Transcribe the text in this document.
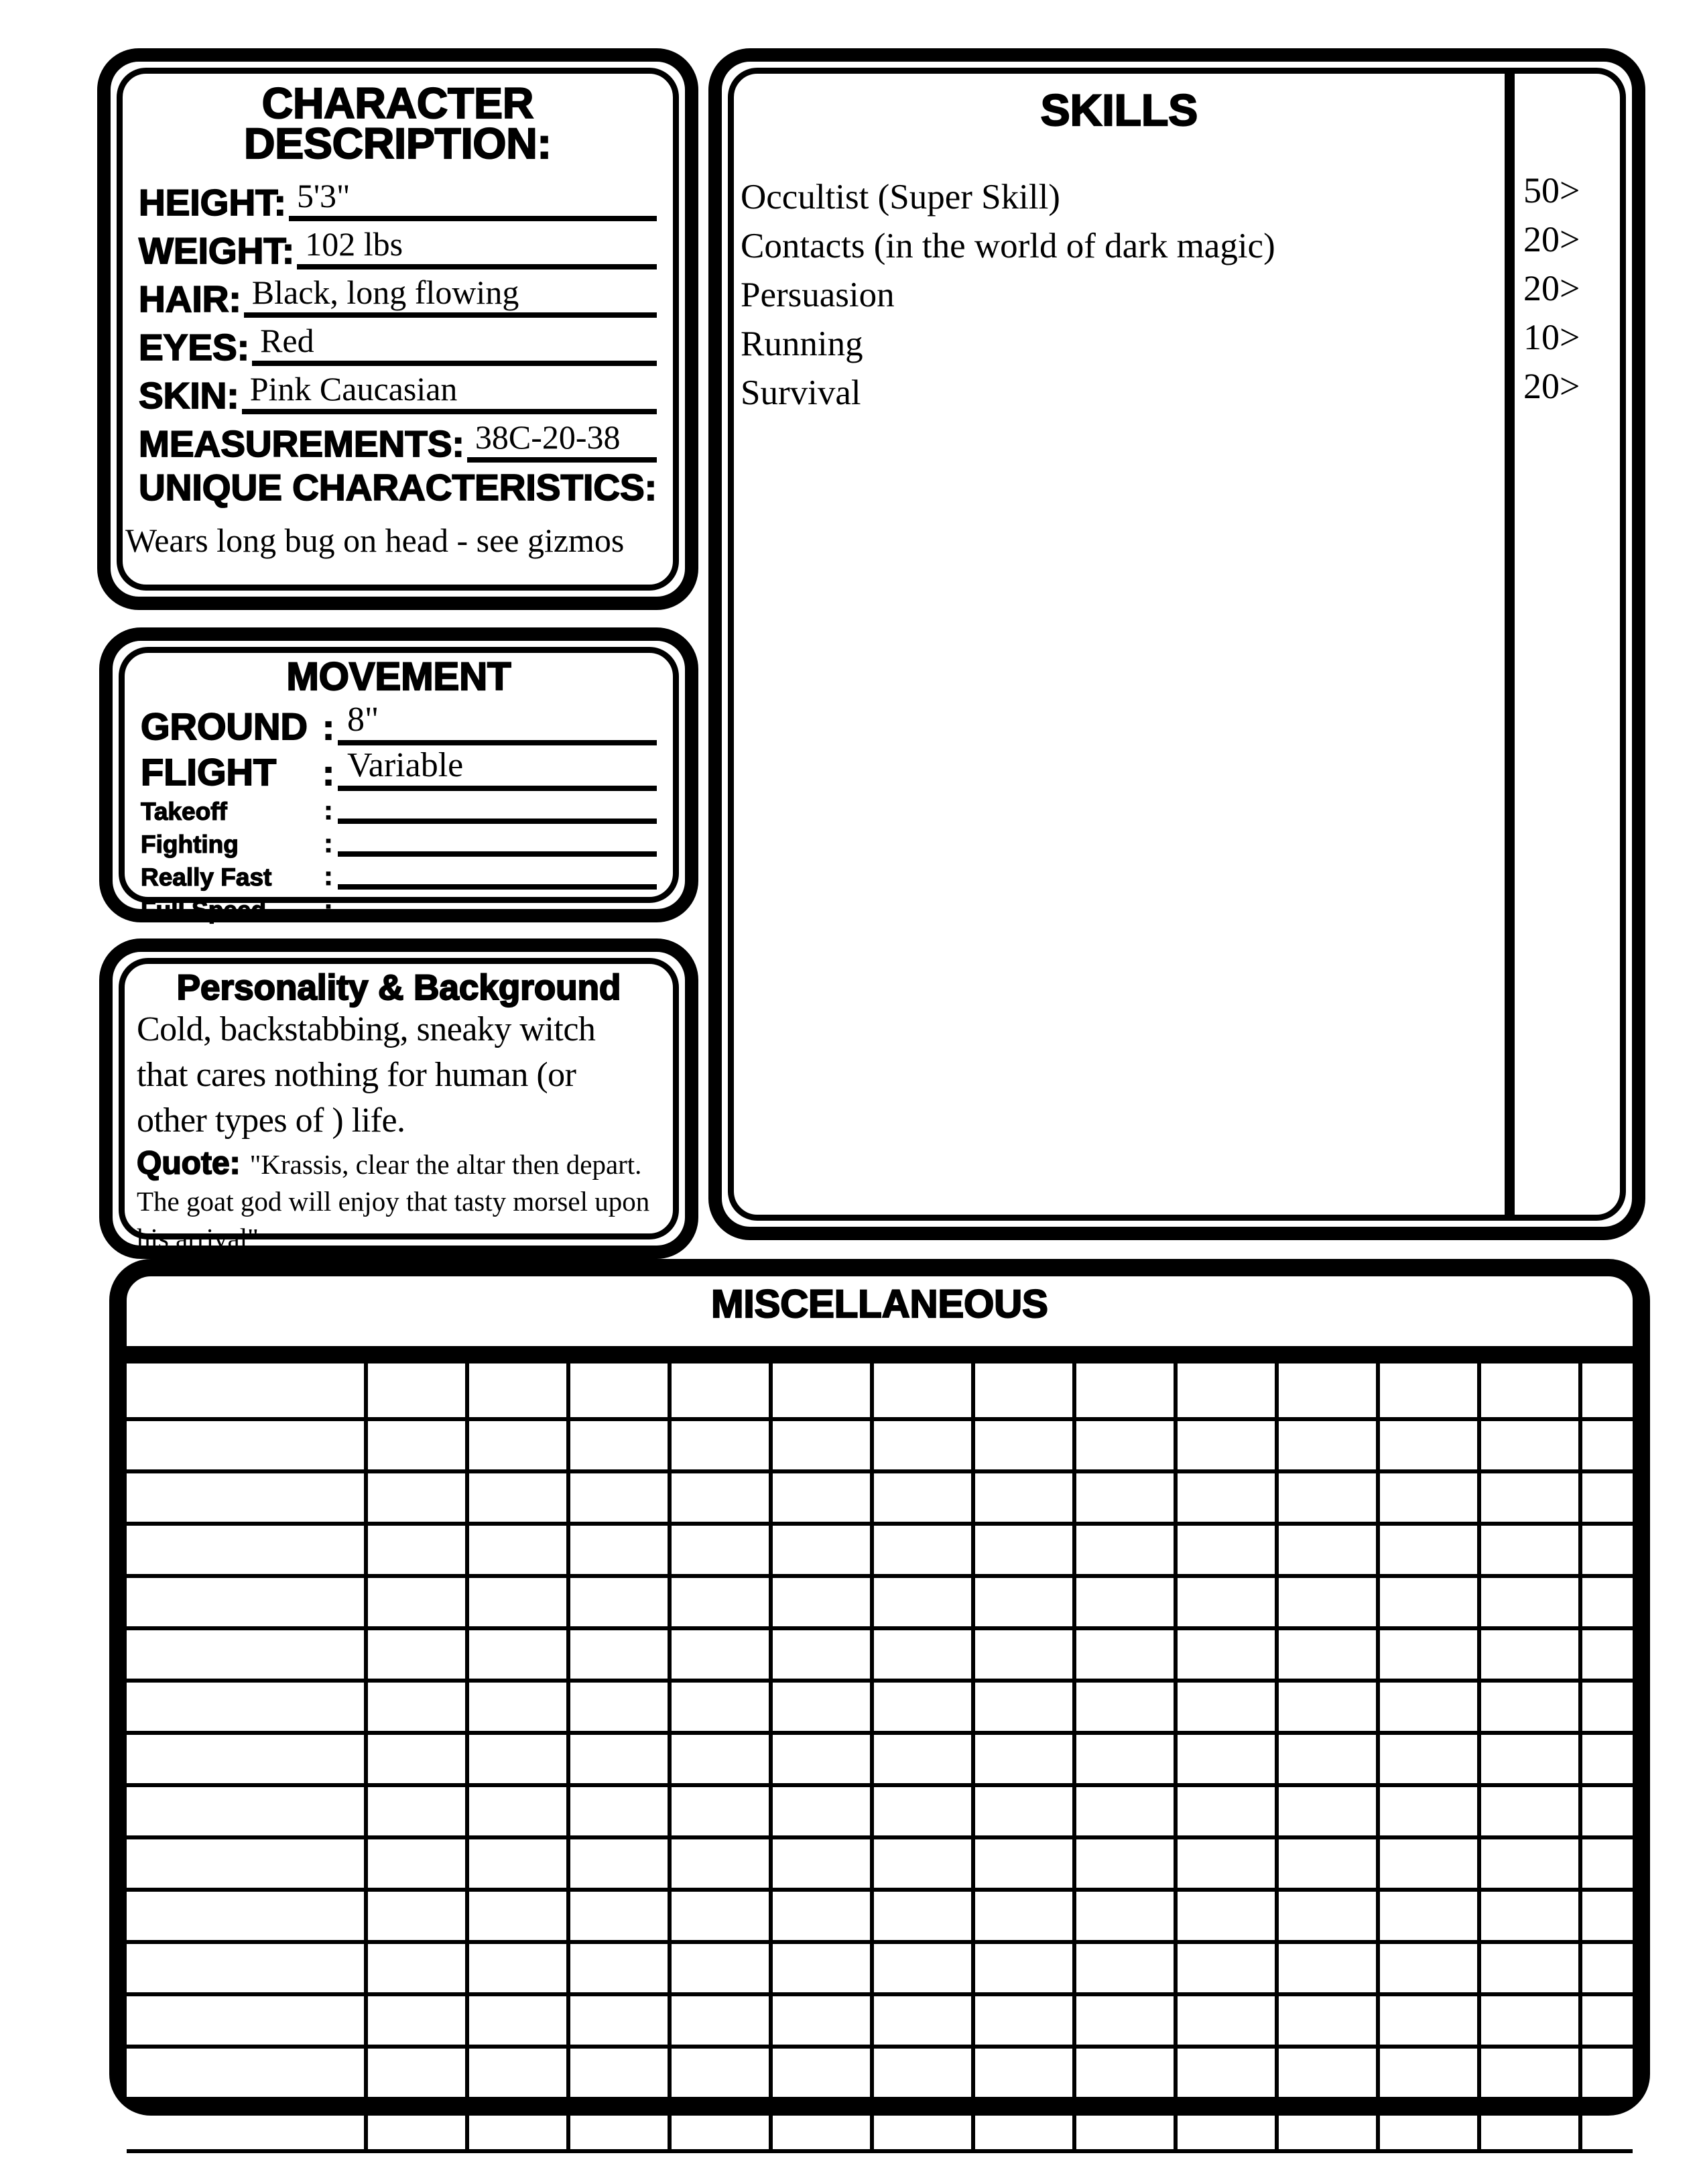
CHARACTER
DESCRIPTION:
HEIGHT: 5'3"
WEIGHT: 102 lbs
HAIR: Black, long flowing
EYES: Red
SKIN: Pink Caucasian
MEASUREMENTS: 38C-20-38
UNIQUE CHARACTERISTICS:
Wears long bug on head - see gizmos
SKILLS
Occultist (Super Skill)	50>
Contacts (in the world of dark magic)	20>
Persuasion	20>
Running	10>
Survival	20>
MOVEMENT
GROUND : 8"
FLIGHT	: Variable
Takeoff	:
Fighting	:
Really Fast	:
Full Speed	:
Personality & Background
Cold, backstabbing, sneaky witch
that cares nothing for human (or
other types of ) life.
Quote: "Krassis, clear the altar then depart.
The goat god will enjoy that tasty morsel upon
his arrival"
MISCELLANEOUS
